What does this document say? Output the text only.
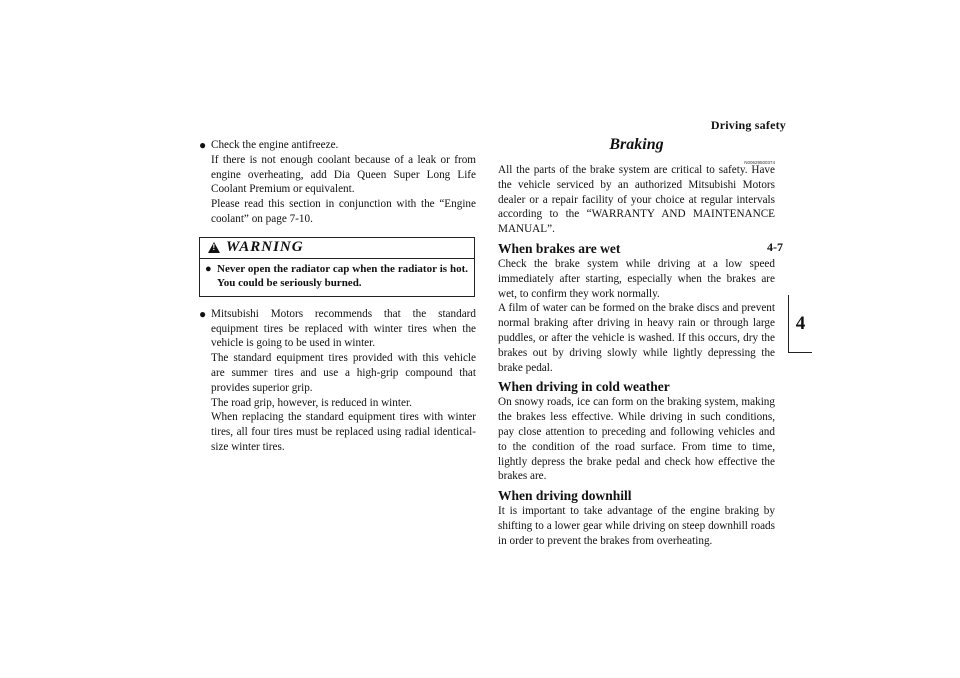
Driving safety
4-7
4
● Check the engine antifreeze.

If there is not enough coolant because of a leak or from engine overheating, add Dia Queen Super Long Life Coolant Premium or equivalent.

Please read this section in conjunction with the “Engine coolant” on page 7-10.

! WARNING
● Never open the radiator cap when the radiator is hot. You could be seriously burned.
● Mitsubishi Motors recommends that the standard equipment tires be replaced with winter tires when the vehicle is going to be used in winter.

The standard equipment tires provided with this vehicle are summer tires and use a high-grip compound that provides superior grip.

The road grip, however, is reduced in winter.

When replacing the standard equipment tires with winter tires, all four tires must be replaced using radial identical-size winter tires.

Braking
N00629500374

All the parts of the brake system are critical to safety. Have the vehicle serviced by an authorized Mitsubishi Motors dealer or a repair facility of your choice at regular intervals according to the “WARRANTY AND MAINTENANCE MANUAL”.

When brakes are wet

Check the brake system while driving at a low speed immediately after starting, especially when the brakes are wet, to confirm they work normally.

A film of water can be formed on the brake discs and prevent normal braking after driving in heavy rain or through large puddles, or after the vehicle is washed. If this occurs, dry the brakes out by driving slowly while lightly depressing the brake pedal.

When driving in cold weather

On snowy roads, ice can form on the braking system, making the brakes less effective. While driving in such conditions, pay close attention to preceding and following vehicles and to the condition of the road surface. From time to time, lightly depress the brake pedal and check how effective the brakes are.

When driving downhill

It is important to take advantage of the engine braking by shifting to a lower gear while driving on steep downhill roads in order to prevent the brakes from overheating.
